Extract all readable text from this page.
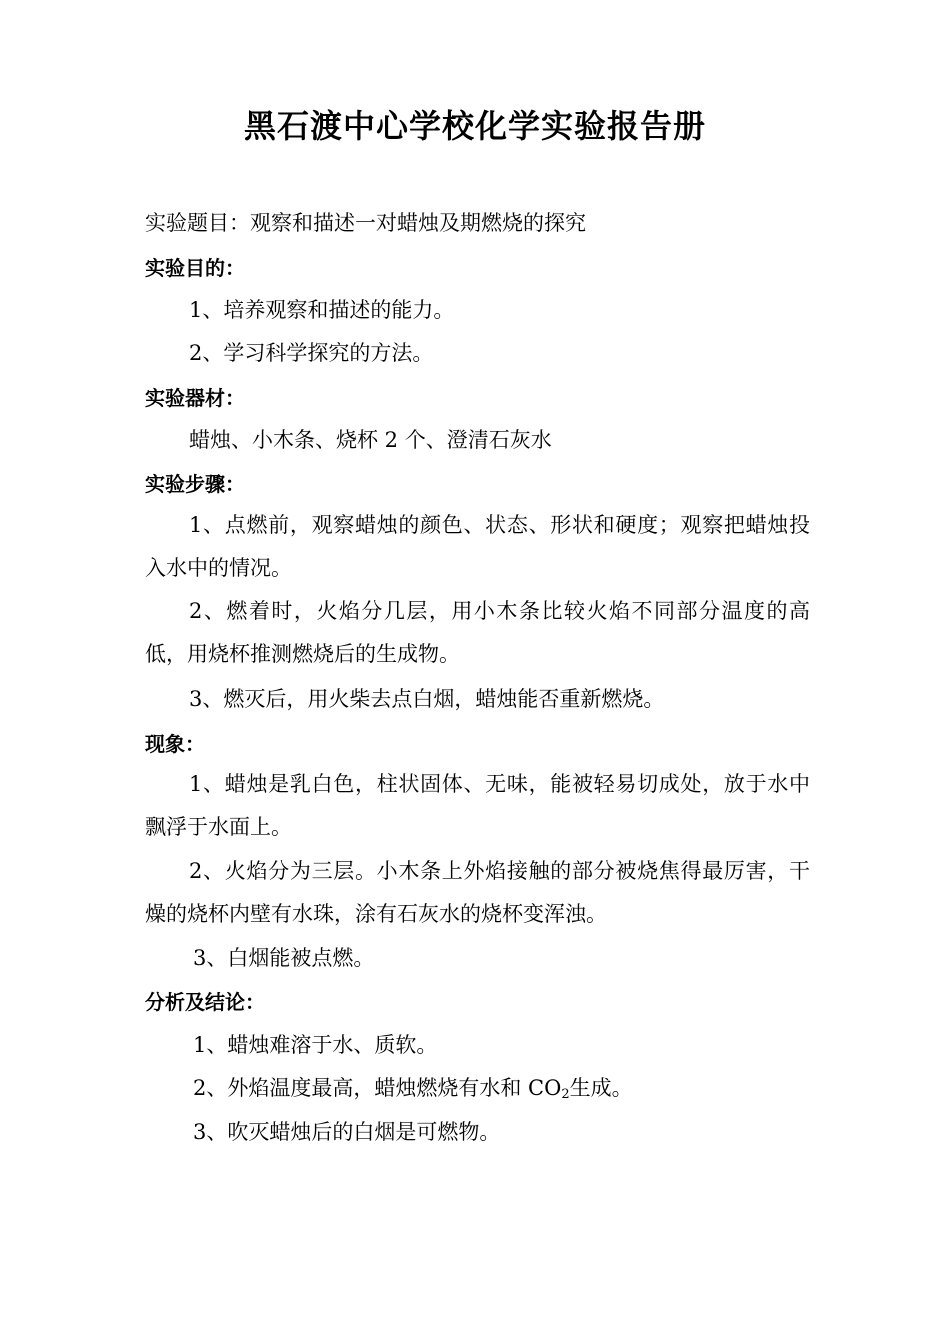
黑石渡中心学校化学实验报告册
实验题目：观察和描述一对蜡烛及期燃烧的探究
实验目的：
1、培养观察和描述的能力。
2、学习科学探究的方法。
实验器材：
蜡烛、小木条、烧杯 2 个、澄清石灰水
实验步骤：
1、点燃前，观察蜡烛的颜色、状态、形状和硬度；观察把蜡烛投入水中的情况。
2、燃着时，火焰分几层，用小木条比较火焰不同部分温度的高低，用烧杯推测燃烧后的生成物。
3、燃灭后，用火柴去点白烟，蜡烛能否重新燃烧。
现象：
1、蜡烛是乳白色，柱状固体、无味，能被轻易切成处，放于水中飘浮于水面上。
2、火焰分为三层。小木条上外焰接触的部分被烧焦得最厉害，干燥的烧杯内壁有水珠，涂有石灰水的烧杯变浑浊。
3、白烟能被点燃。
分析及结论：
1、蜡烛难溶于水、质软。
2、外焰温度最高，蜡烛燃烧有水和 $CO_2$生成。
3、吹灭蜡烛后的白烟是可燃物。
